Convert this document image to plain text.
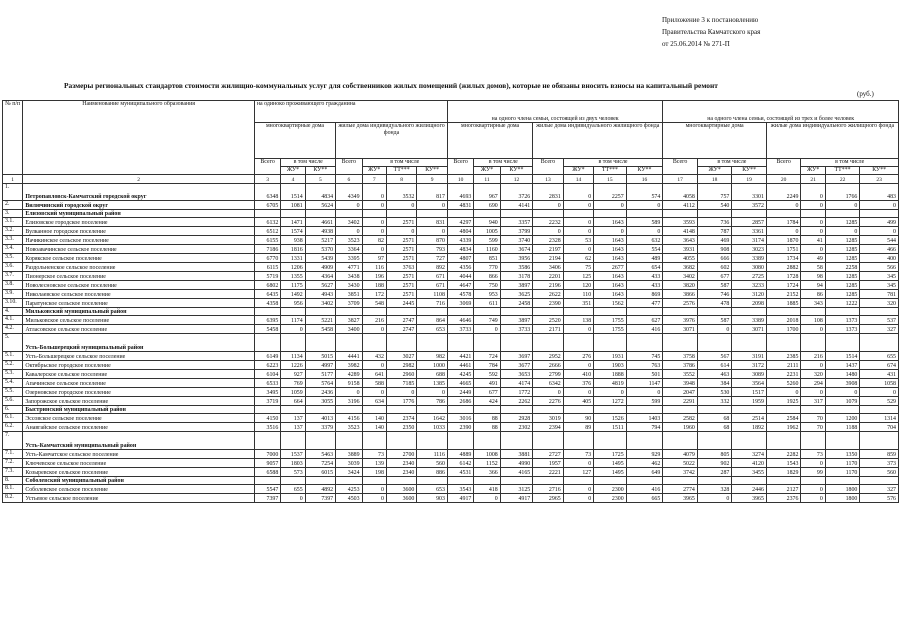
Приложение 3 к постановлению
Правительства Камчатского края
от 25.06.2014 № 271-П
Размеры региональных стандартов стоимости жилищно-коммунальных услуг для собственников жилых помещений (жилых домов), которые не обязаны вносить взносы на капитальный ремонт
(руб.)
№ п/п	Наименование муниципального образования	на одиноко проживающего гражданина							на одного члена семьи, состоящей из двух человек							на одного члена семьи, состоящей из трех и более человек						
		многоквартирные дома			жилые дома индивидуального жилищного фонда				многоквартирные дома			жилые дома индивидуального жилищного фонда				многоквартирные дома			жилые дома индивидуального жилищного фонда			
		Всего	в том числе		Всего	в том числе			Всего	в том числе		Всего	в том числе			Всего	в том числе		Всего	в том числе		
			ЖУ*	КУ**		ЖУ*	ТТ***	КУ**		ЖУ*	КУ**		ЖУ*	ТТ***	КУ**		ЖУ*	КУ**		ЖУ*	ТТ***	КУ**
1	2	3	4	5	6	7	8	9	10	11	12	13	14	15	16	17	18	19	20	21	22	23
1.	Петропавловск-Камчатский городской округ	6348	1514	4834	4349	0	3532	817	4693	967	3726	2831	0	2257	574	4058	757	3301	2249	0	1766	483
2.	Вилючинский городской округ	6705	1081	5624	0	0	0	0	4831	690	4141	0	0	0	0	4112	540	3572	0	0	0	0
3.	Елизовский муниципальный район																					
3.1.	Елизовское городское поселение	6132	1471	4661	3402	0	2571	831	4297	940	3357	2232	0	1643	589	3593	736	2857	1784	0	1285	499
3.2.	Вулканное городское поселение	6512	1574	4938	0	0	0	0	4804	1005	3799	0	0	0	0	4148	787	3361	0	0	0	0
3.3.	Начикинское сельское поселение	6155	938	5217	3523	82	2571	870	4339	599	3740	2328	53	1643	632	3643	469	3174	1870	41	1285	544
3.4.	Новоавачинское сельское поселение	7186	1816	5370	3364	0	2571	793	4834	1160	3674	2197	0	1643	554	3931	908	3023	1751	0	1285	466
3.5.	Корякское сельское поселение	6770	1331	5439	3395	97	2571	727	4807	851	3956	2194	62	1643	489	4055	666	3389	1734	49	1285	400
3.6.	Раздольненское сельское поселение	6115	1206	4909	4771	116	3763	892	4356	770	3586	3406	75	2677	654	3682	602	3080	2882	58	2258	566
3.7.	Пионерское сельское поселение	5719	1355	4364	3438	196	2571	671	4044	866	3178	2201	125	1643	433	3402	677	2725	1728	98	1285	345
3.8.	Новолесновское сельское поселение	6802	1175	5627	3430	188	2571	671	4647	750	3897	2196	120	1643	433	3820	587	3233	1724	94	1285	345
3.9.	Николаевское сельское поселение	6435	1492	4943	3851	172	2571	1108	4578	953	3625	2622	110	1643	869	3866	746	3120	2152	86	1285	781
3.10.	Паратунское сельское поселение	4358	956	3402	3709	548	2445	716	3069	611	2458	2390	351	1562	477	2576	478	2098	1885	343	1222	320
4.	Мильковский муниципальный район																					
4.1.	Мильковское сельское поселение	6395	1174	5221	3827	216	2747	864	4646	749	3897	2520	138	1755	627	3976	587	3389	2018	108	1373	537
4.2.	Атласовское сельское поселение	5458	0	5458	3400	0	2747	653	3733	0	3733	2171	0	1755	416	3071	0	3071	1700	0	1373	327
5.	Усть-Большерецкий муниципальный район																					
5.1.	Усть-Большерецкое сельское поселение	6149	1134	5015	4441	432	3027	982	4421	724	3697	2952	276	1931	745	3758	567	3191	2385	216	1514	655
5.2.	Октябрьское городское поселение	6223	1226	4997	3982	0	2982	1000	4461	784	3677	2666	0	1903	763	3786	614	3172	2111	0	1437	674
5.3.	Кавалерское сельское поселение	6104	927	5177	4289	641	2960	688	4245	592	3653	2799	410	1888	501	3552	463	3089	2231	320	1480	431
5.4.	Апачинское сельское поселение	6533	769	5764	9158	588	7185	1385	4665	491	4174	6342	376	4819	1147	3948	384	3564	5260	294	3908	1058
5.5.	Озерновское городское поселение	3495	1059	2436	0	0	0	0	2449	677	1772	0	0	0	0	2047	530	1517	0	0	0	0
5.6.	Запорожское сельское поселение	3719	664	3055	3196	634	1776	786	2686	424	2262	2276	405	1272	599	2291	332	1959	1925	317	1079	529
6.	Быстринский муниципальный район																					
6.1.	Эссовское сельское поселение	4150	137	4013	4156	140	2374	1642	3016	88	2928	3019	90	1526	1403	2582	68	2514	2584	70	1200	1314
6.2.	Анавгайское сельское поселение	3516	137	3379	3523	140	2350	1033	2390	88	2302	2394	89	1511	794	1960	68	1892	1962	70	1188	704
7.	Усть-Камчатский муниципальный район																					
7.1.	Усть-Камчатское сельское поселение	7000	1537	5463	3889	73	2700	1116	4889	1008	3881	2727	73	1725	929	4079	805	3274	2282	73	1350	859
7.2.	Ключевское сельское поселение	9057	1803	7254	3039	139	2340	560	6142	1152	4990	1957	0	1495	462	5022	902	4120	1543	0	1170	373
7.3.	Козыревское сельское поселение	6588	573	6015	3424	198	2340	886	4531	366	4165	2221	127	1495	649	3742	287	3455	1829	99	1170	560
8.	Соболевский муниципальный район																					
8.1.	Соболевское сельское поселение	5547	655	4892	4253	0	3600	653	3543	418	3125	2716	0	2300	416	2774	328	2446	2127	0	1800	327
8.2.	Устьевое сельское поселение	7397	0	7397	4503	0	3600	903	4917	0	4917	2965	0	2300	665	3965	0	3965	2376	0	1800	576
